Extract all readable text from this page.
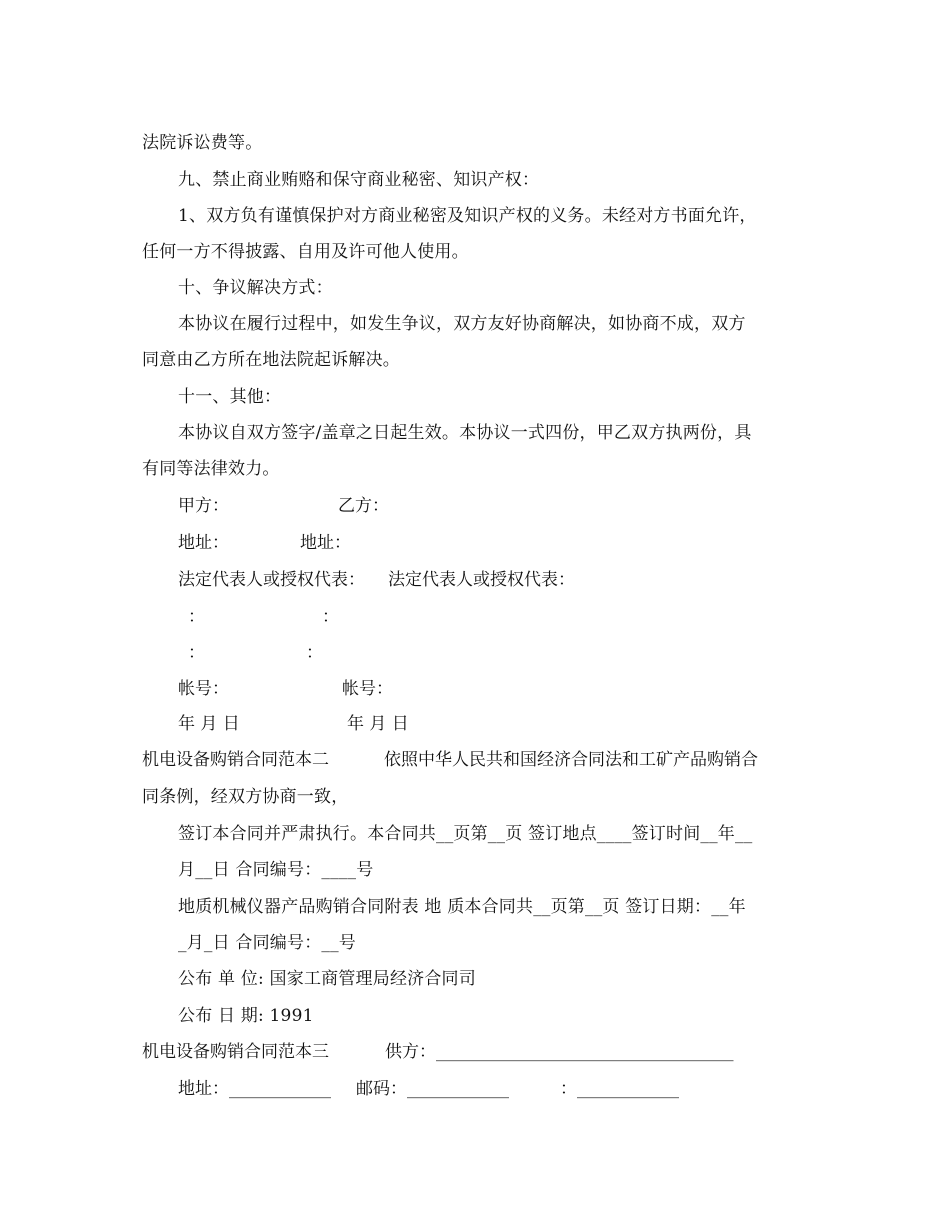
法院诉讼费等。
九、禁止商业贿赂和保守商业秘密、知识产权：
1、双方负有谨慎保护对方商业秘密及知识产权的义务。未经对方书面允许，
任何一方不得披露、自用及许可他人使用。
十、争议解决方式：
本协议在履行过程中，如发生争议，双方友好协商解决，如协商不成，双方
同意由乙方所在地法院起诉解决。
十一、其他：
本协议自双方签字/盖章之日起生效。本协议一式四份，甲乙双方执两份，具
有同等法律效力。
甲方：	乙方：
地址：	地址：
法定代表人或授权代表： 法定代表人或授权代表：
：	：
：	：
帐号：	帐号：
年 月 日	年 月 日
机电设备购销合同范本二	依照中华人民共和国经济合同法和工矿产品购销合
同条例，经双方协商一致，
签订本合同并严肃执行。本合同共__页第__页 签订地点____签订时间__年__
月__日 合同编号：____号
地质机械仪器产品购销合同附表 地 质本合同共__页第__页 签订日期：__年
_月_日 合同编号：__号
公布 单 位: 国家工商管理局经济合同司
公布 日 期: 1991
机电设备购销合同范本三	供方：___________________________________
地址：____________ 邮码：____________	：____________
